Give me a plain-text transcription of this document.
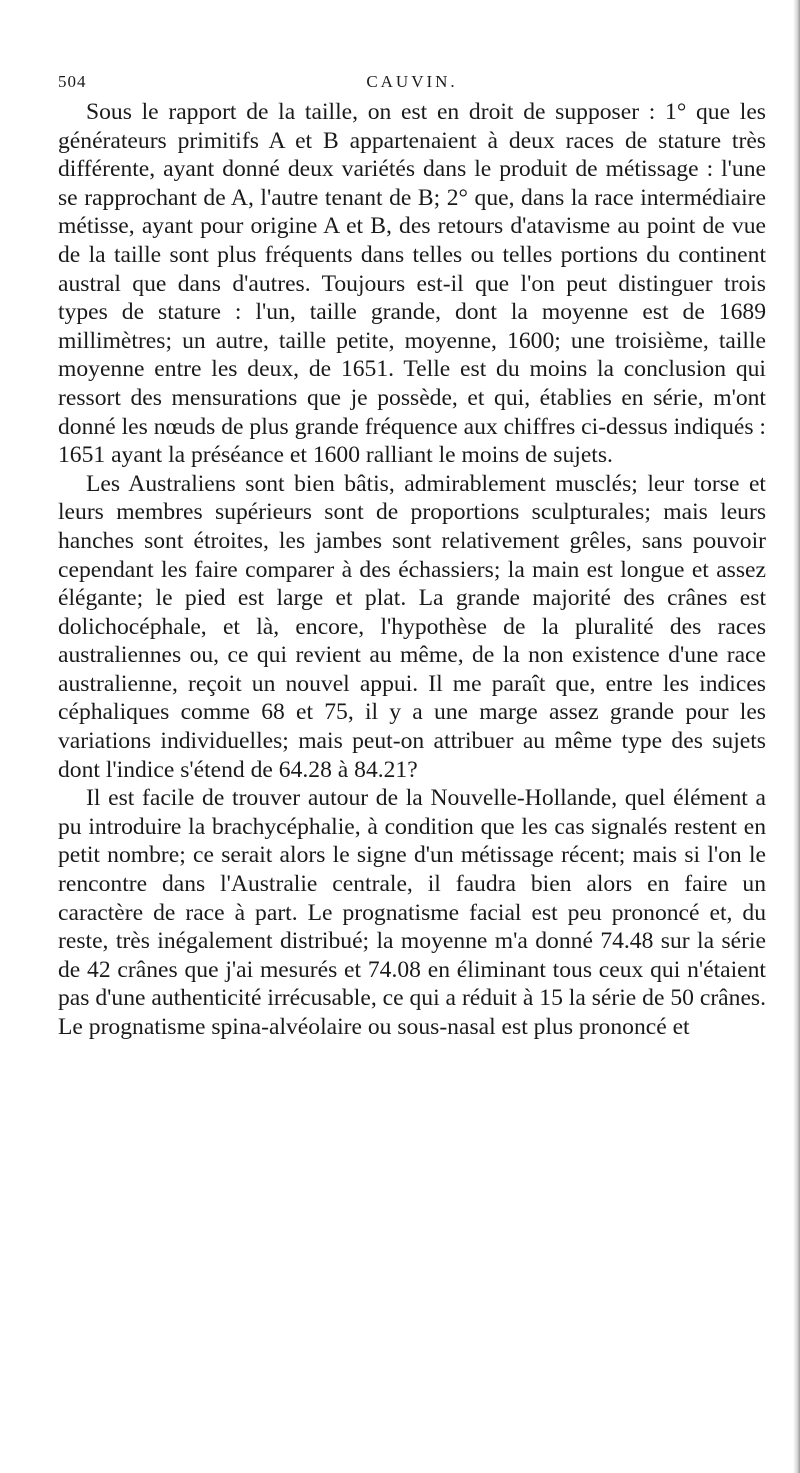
504	CAUVIN.

Sous le rapport de la taille, on est en droit de supposer : 1° que les générateurs primitifs A et B appartenaient à deux races de stature très différente, ayant donné deux variétés dans le produit de métissage : l'une se rapprochant de A, l'autre tenant de B; 2° que, dans la race intermédiaire métisse, ayant pour origine A et B, des retours d'atavisme au point de vue de la taille sont plus fréquents dans telles ou telles portions du continent austral que dans d'autres. Toujours est-il que l'on peut distinguer trois types de stature : l'un, taille grande, dont la moyenne est de 1689 millimètres; un autre, taille petite, moyenne, 1600; une troisième, taille moyenne entre les deux, de 1651. Telle est du moins la conclusion qui ressort des mensurations que je possède, et qui, établies en série, m'ont donné les nœuds de plus grande fréquence aux chiffres ci-dessus indiqués : 1651 ayant la préséance et 1600 ralliant le moins de sujets.

Les Australiens sont bien bâtis, admirablement musclés; leur torse et leurs membres supérieurs sont de proportions sculpturales; mais leurs hanches sont étroites, les jambes sont relativement grêles, sans pouvoir cependant les faire comparer à des échassiers; la main est longue et assez élégante; le pied est large et plat. La grande majorité des crânes est dolichocéphale, et là, encore, l'hypothèse de la pluralité des races australiennes ou, ce qui revient au même, de la non existence d'une race australienne, reçoit un nouvel appui. Il me paraît que, entre les indices céphaliques comme 68 et 75, il y a une marge assez grande pour les variations individuelles; mais peut-on attribuer au même type des sujets dont l'indice s'étend de 64.28 à 84.21?

Il est facile de trouver autour de la Nouvelle-Hollande, quel élément a pu introduire la brachycéphalie, à condition que les cas signalés restent en petit nombre; ce serait alors le signe d'un métissage récent; mais si l'on le rencontre dans l'Australie centrale, il faudra bien alors en faire un caractère de race à part. Le prognatisme facial est peu prononcé et, du reste, très inégalement distribué; la moyenne m'a donné 74.48 sur la série de 42 crânes que j'ai mesurés et 74.08 en éliminant tous ceux qui n'étaient pas d'une authenticité irrécusable, ce qui a réduit à 15 la série de 50 crânes. Le prognatisme spina-alvéolaire ou sous-nasal est plus prononcé et
